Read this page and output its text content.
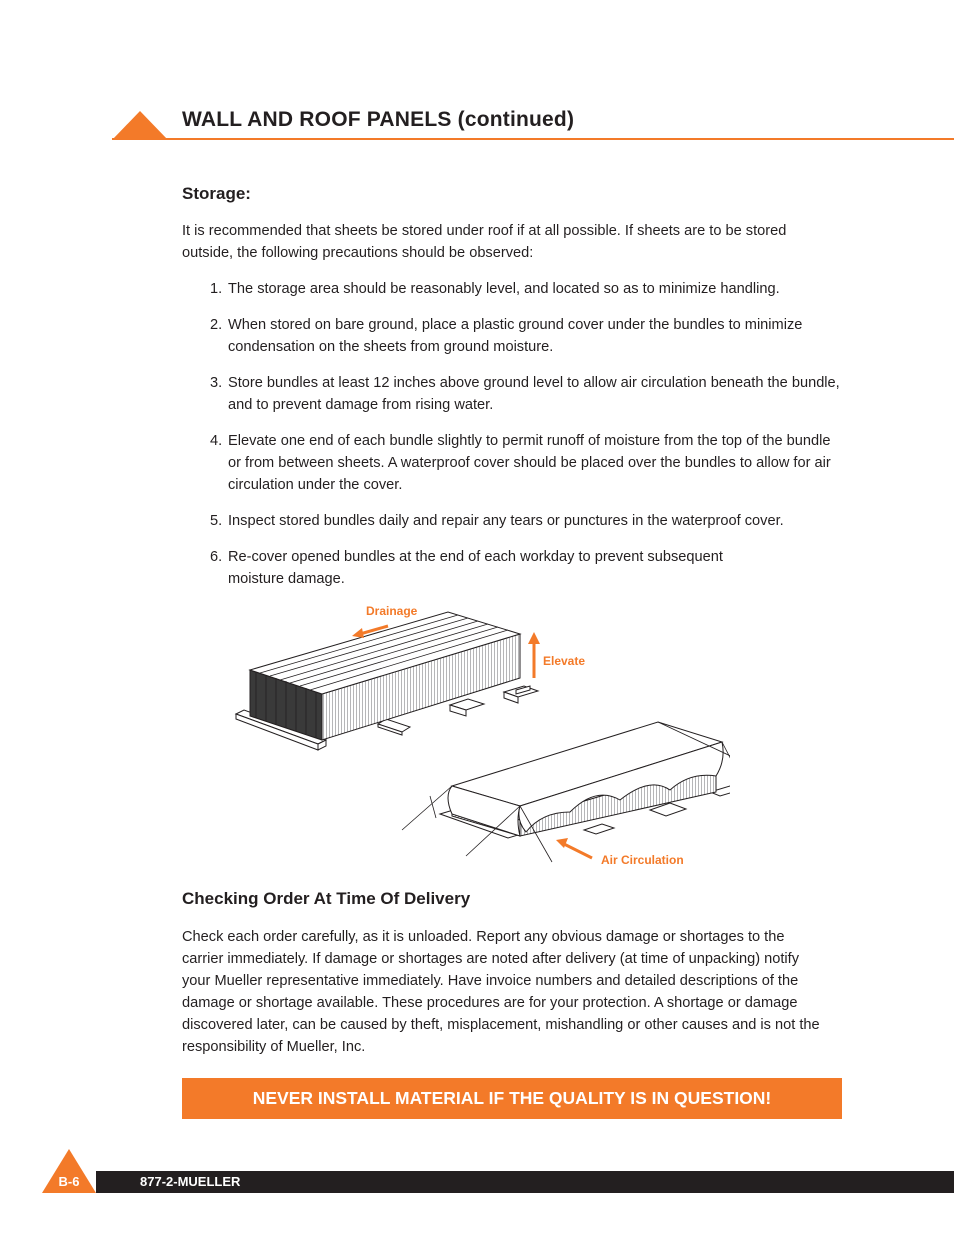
WALL AND ROOF PANELS (continued)
Storage:
It is recommended that sheets be stored under roof if at all possible. If sheets are to be stored outside, the following precautions should be observed:
1. The storage area should be reasonably level, and located so as to minimize handling.
2. When stored on bare ground, place a plastic ground cover under the bundles to minimize condensation on the sheets from ground moisture.
3. Store bundles at least 12 inches above ground level to allow air circulation beneath the bundle, and to prevent damage from rising water.
4. Elevate one end of each bundle slightly to permit runoff of moisture from the top of the bundle or from between sheets. A waterproof cover should be placed over the bundles to allow for air circulation under the cover.
5. Inspect stored bundles daily and repair any tears or punctures in the waterproof cover.
6. Re-cover opened bundles at the end of each workday to prevent subsequent moisture damage.
Drainage
Elevate
Air Circulation
Checking Order At Time Of Delivery
Check each order carefully, as it is unloaded. Report any obvious damage or shortages to the carrier immediately. If damage or shortages are noted after delivery (at time of unpacking) notify your Mueller representative immediately. Have invoice numbers and detailed descriptions of the damage or shortage available. These procedures are for your protection. A shortage or damage discovered later, can be caused by theft, misplacement, mishandling or other causes and is not the responsibility of Mueller, Inc.
NEVER INSTALL MATERIAL IF THE QUALITY IS IN QUESTION!
B-6	877-2-MUELLER
